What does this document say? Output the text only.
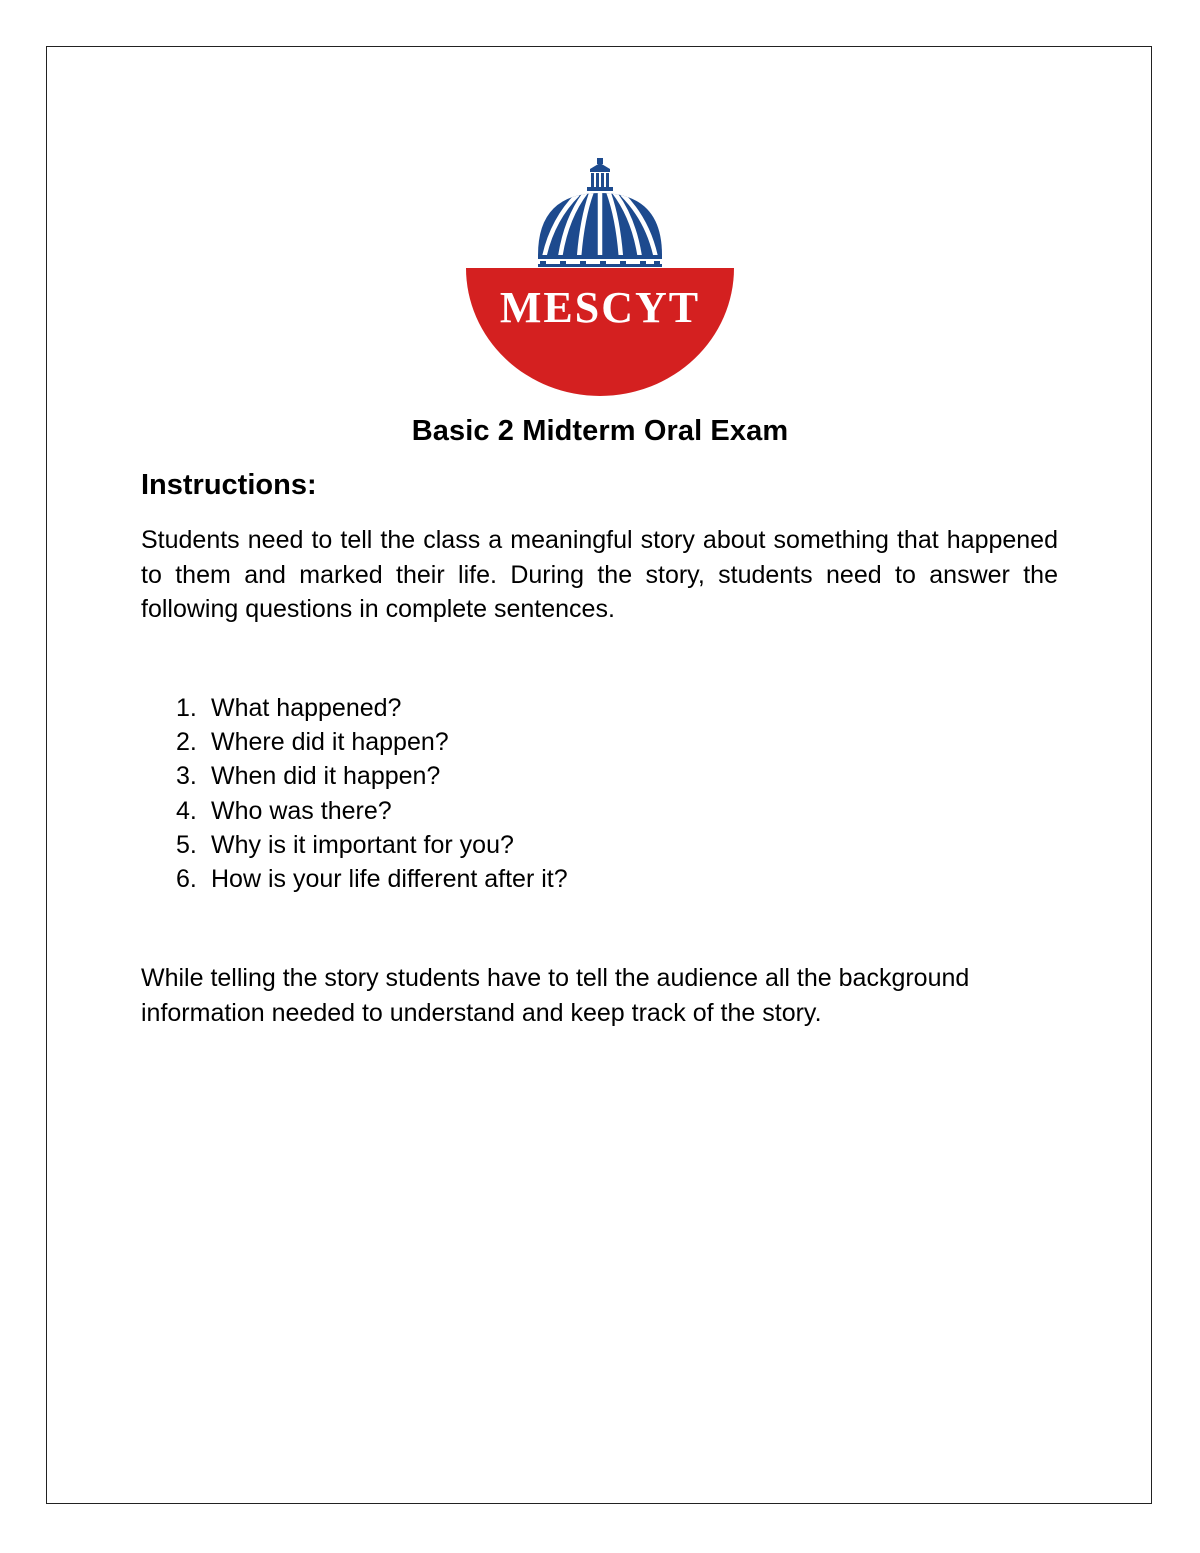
MESCYT
Basic 2 Midterm Oral Exam
Instructions:
Students need to tell the class a meaningful story about something that happened to them and marked their life. During the story, students need to answer the following questions in complete sentences.
1. What happened?
2. Where did it happen?
3. When did it happen?
4. Who was there?
5. Why is it important for you?
6. How is your life different after it?
While telling the story students have to tell the audience all the background information needed to understand and keep track of the story.
